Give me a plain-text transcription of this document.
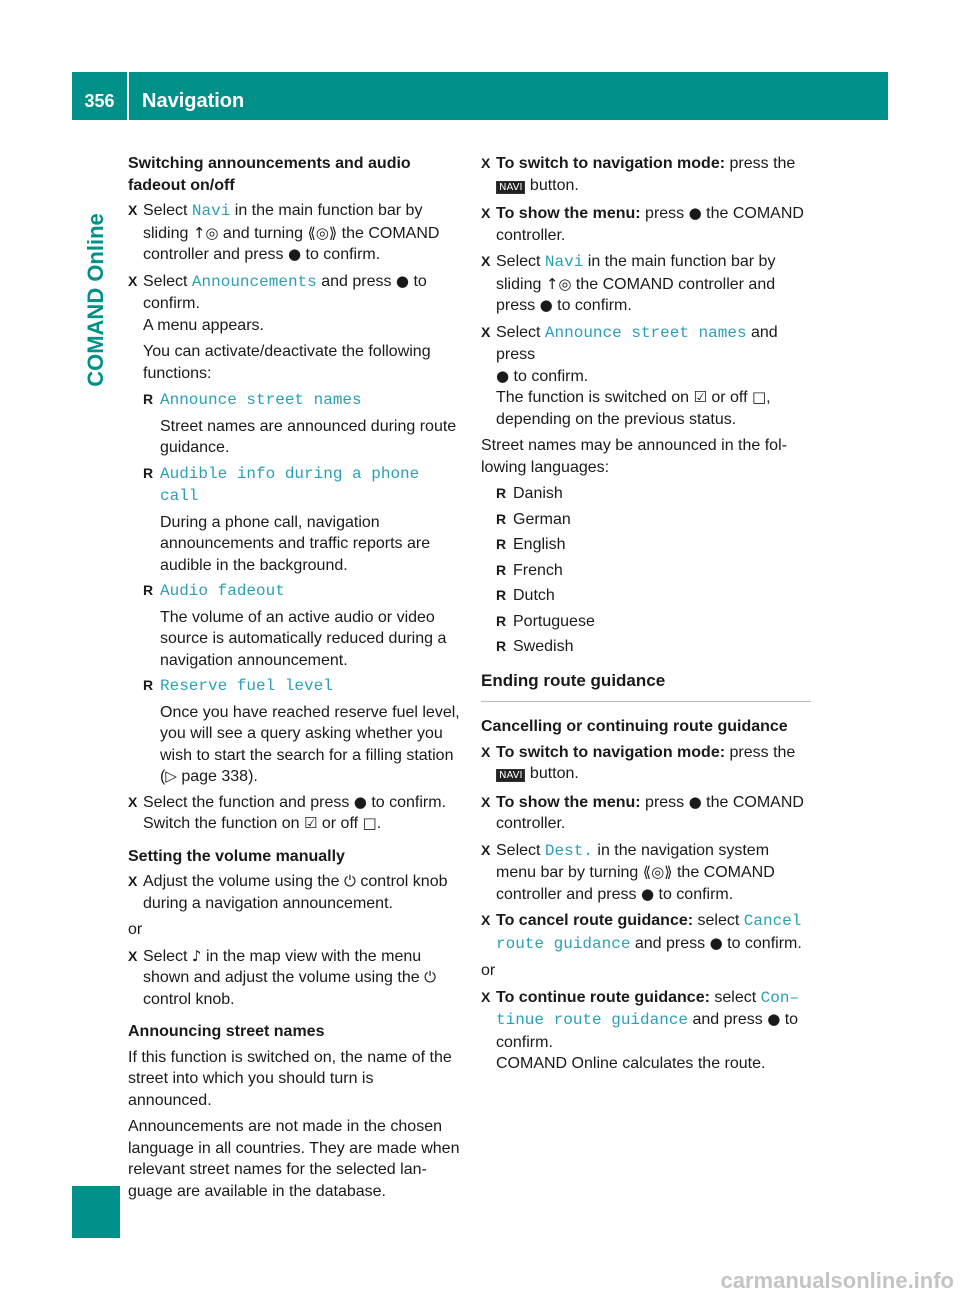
356	Navigation
COMAND Online
Switching announcements and audio fadeout on/off
X Select Navi in the main function bar by sliding ↑◎ and turning ⟪◎⟫ the COMAND controller and press ● to confirm.
X Select Announcements and press ● to confirm.
A menu appears.
You can activate/deactivate the following functions:
R Announce street names
Street names are announced during route guidance.
R Audible info during a phone call
During a phone call, navigation announcements and traffic reports are audible in the background.
R Audio fadeout
The volume of an active audio or video source is automatically reduced during a navigation announcement.
R Reserve fuel level
Once you have reached reserve fuel level, you will see a query asking whether you wish to start the search for a filling station (▷ page 338).
X Select the function and press ● to confirm.
Switch the function on ☑ or off □.
Setting the volume manually
X Adjust the volume using the ⏻ control knob during a navigation announcement.

or

X Select ♪ in the map view with the menu shown and adjust the volume using the ⏻ control knob.
Announcing street names

If this function is switched on, the name of the street into which you should turn is announced.

Announcements are not made in the chosen language in all countries. They are made when relevant street names for the selected lan-guage are available in the database.

X To switch to navigation mode: press the
NAVI button.
X To show the menu: press ● the COMAND controller.
X Select Navi in the main function bar by sliding ↑◎ the COMAND controller and press ● to confirm.
X Select Announce street names and press
● to confirm.
The function is switched on ☑ or off □,
depending on the previous status.

Street names may be announced in the fol-lowing languages:

R Danish
R German
R English
R French
R Dutch
R Portuguese
R Swedish
Ending route guidance
Cancelling or continuing route guidance
X To switch to navigation mode: press the
NAVI button.
X To show the menu: press ● the COMAND controller.
X Select Dest. in the navigation system menu bar by turning ⟪◎⟫ the COMAND controller and press ● to confirm.
X To cancel route guidance: select Cancel route guidance and press ● to confirm.

or

X To continue route guidance: select Con–tinue route guidance and press ● to confirm.
COMAND Online calculates the route.
carmanualsonline.info
